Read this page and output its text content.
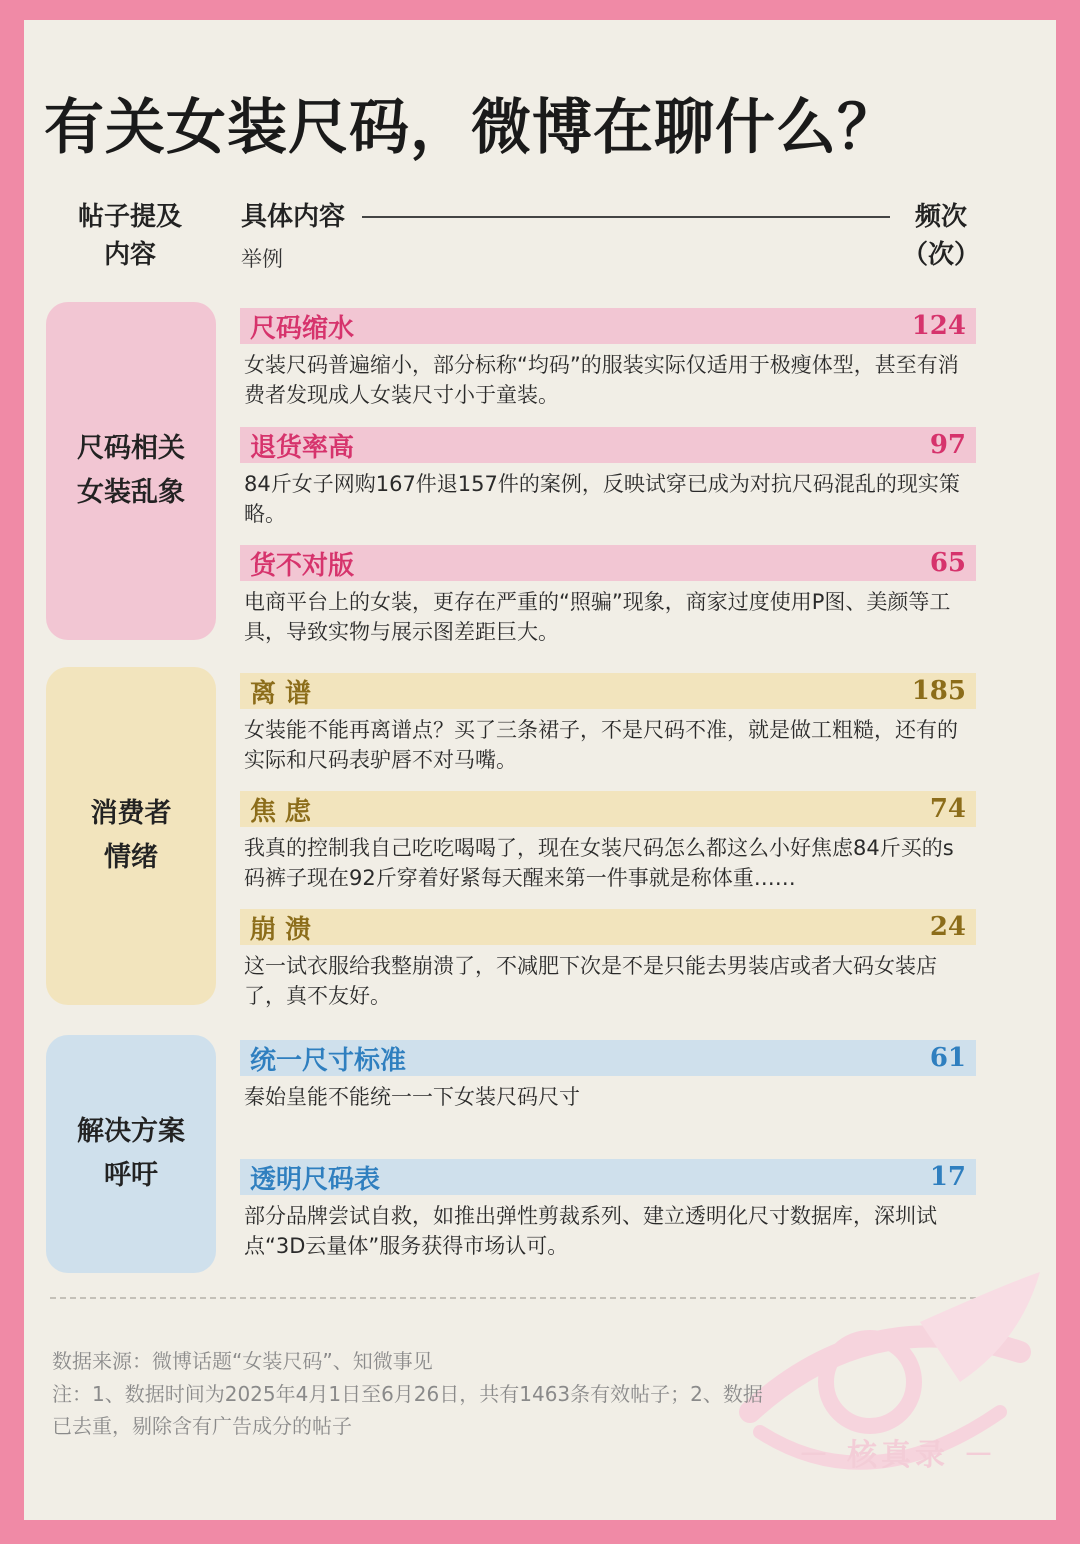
有关女装尺码，微博在聊什么？
帖子提及
内容
具体内容
举例
频次
（次）
尺码相关
女装乱象
尺码缩水	124
女装尺码普遍缩小，部分标称“均码”的服装实际仅适用于极瘦体型，甚至有消费者发现成人女装尺寸小于童装。
退货率高	97
84斤女子网购167件退157件的案例，反映试穿已成为对抗尺码混乱的现实策略。
货不对版	65
电商平台上的女装，更存在严重的“照骗”现象，商家过度使用P图、美颜等工具，导致实物与展示图差距巨大。
消费者
情绪
离 谱	185
女装能不能再离谱点？买了三条裙子，不是尺码不准，就是做工粗糙，还有的实际和尺码表驴唇不对马嘴。
焦 虑	74
我真的控制我自己吃吃喝喝了，现在女装尺码怎么都这么小好焦虑84斤买的s码裤子现在92斤穿着好紧每天醒来第一件事就是称体重……
崩 溃	24
这一试衣服给我整崩溃了，不减肥下次是不是只能去男装店或者大码女装店了，真不友好。
解决方案
呼吁
统一尺寸标准	61
秦始皇能不能统一一下女装尺码尺寸
透明尺码表	17
部分品牌尝试自救，如推出弹性剪裁系列、建立透明化尺寸数据库，深圳试点“3D云量体”服务获得市场认可。
－ 核真录 －
数据来源：微博话题“女装尺码”、知微事见
注：1、数据时间为2025年4月1日至6月26日，共有1463条有效帖子；2、数据
已去重，剔除含有广告成分的帖子
